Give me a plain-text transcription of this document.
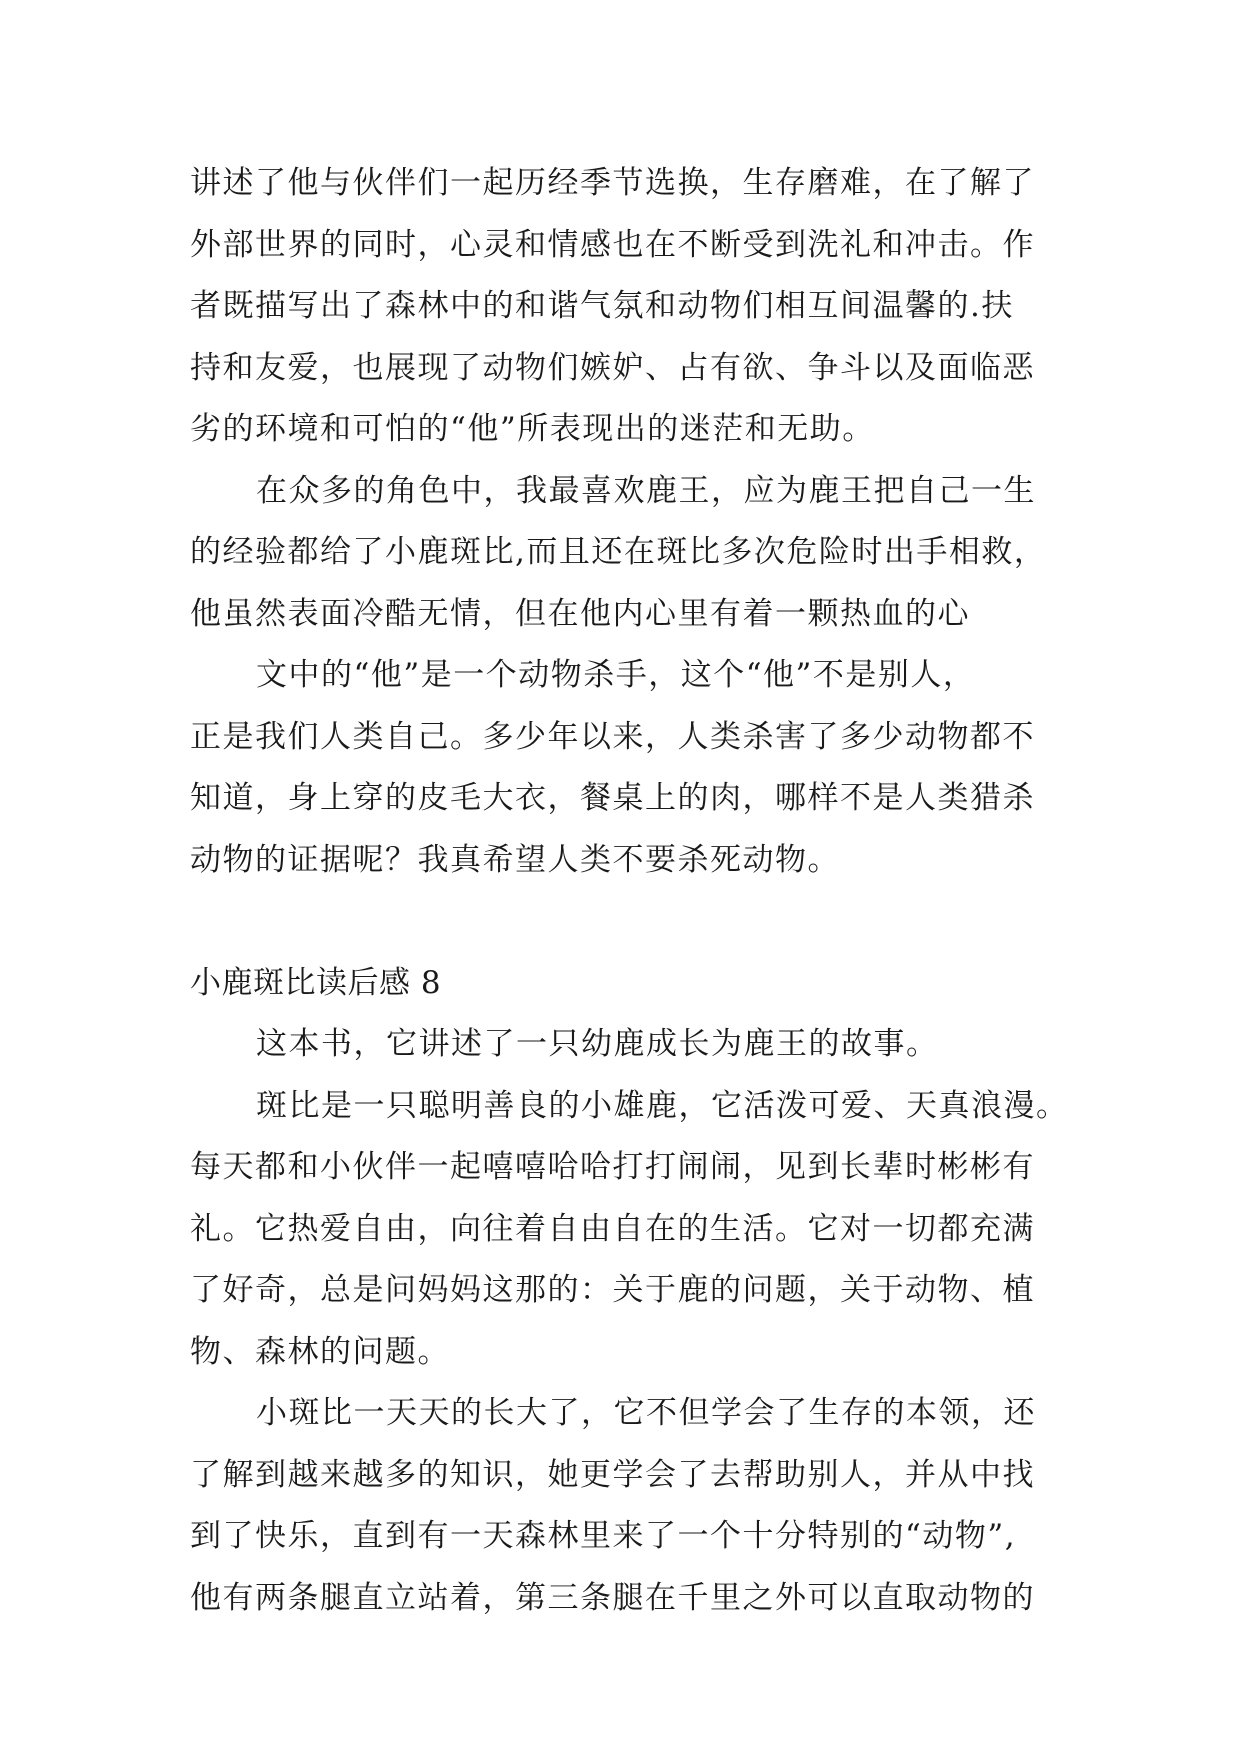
讲述了他与伙伴们一起历经季节选换，生存磨难，在了解了
外部世界的同时，心灵和情感也在不断受到洗礼和冲击。作
者既描写出了森林中的和谐气氛和动物们相互间温馨的.扶
持和友爱，也展现了动物们嫉妒、占有欲、争斗以及面临恶
劣的环境和可怕的“他”所表现出的迷茫和无助。
在众多的角色中，我最喜欢鹿王，应为鹿王把自己一生
的经验都给了小鹿斑比,而且还在斑比多次危险时出手相救，
他虽然表面冷酷无情，但在他内心里有着一颗热血的心
文中的“他”是一个动物杀手，这个“他”不是别人，
正是我们人类自己。多少年以来，人类杀害了多少动物都不
知道，身上穿的皮毛大衣，餐桌上的肉，哪样不是人类猎杀
动物的证据呢？我真希望人类不要杀死动物。
小鹿斑比读后感 8
这本书，它讲述了一只幼鹿成长为鹿王的故事。
斑比是一只聪明善良的小雄鹿，它活泼可爱、天真浪漫。
每天都和小伙伴一起嘻嘻哈哈打打闹闹，见到长辈时彬彬有
礼。它热爱自由，向往着自由自在的生活。它对一切都充满
了好奇，总是问妈妈这那的：关于鹿的问题，关于动物、植
物、森林的问题。
小斑比一天天的长大了，它不但学会了生存的本领，还
了解到越来越多的知识，她更学会了去帮助别人，并从中找
到了快乐，直到有一天森林里来了一个十分特别的“动物”,
他有两条腿直立站着，第三条腿在千里之外可以直取动物的
